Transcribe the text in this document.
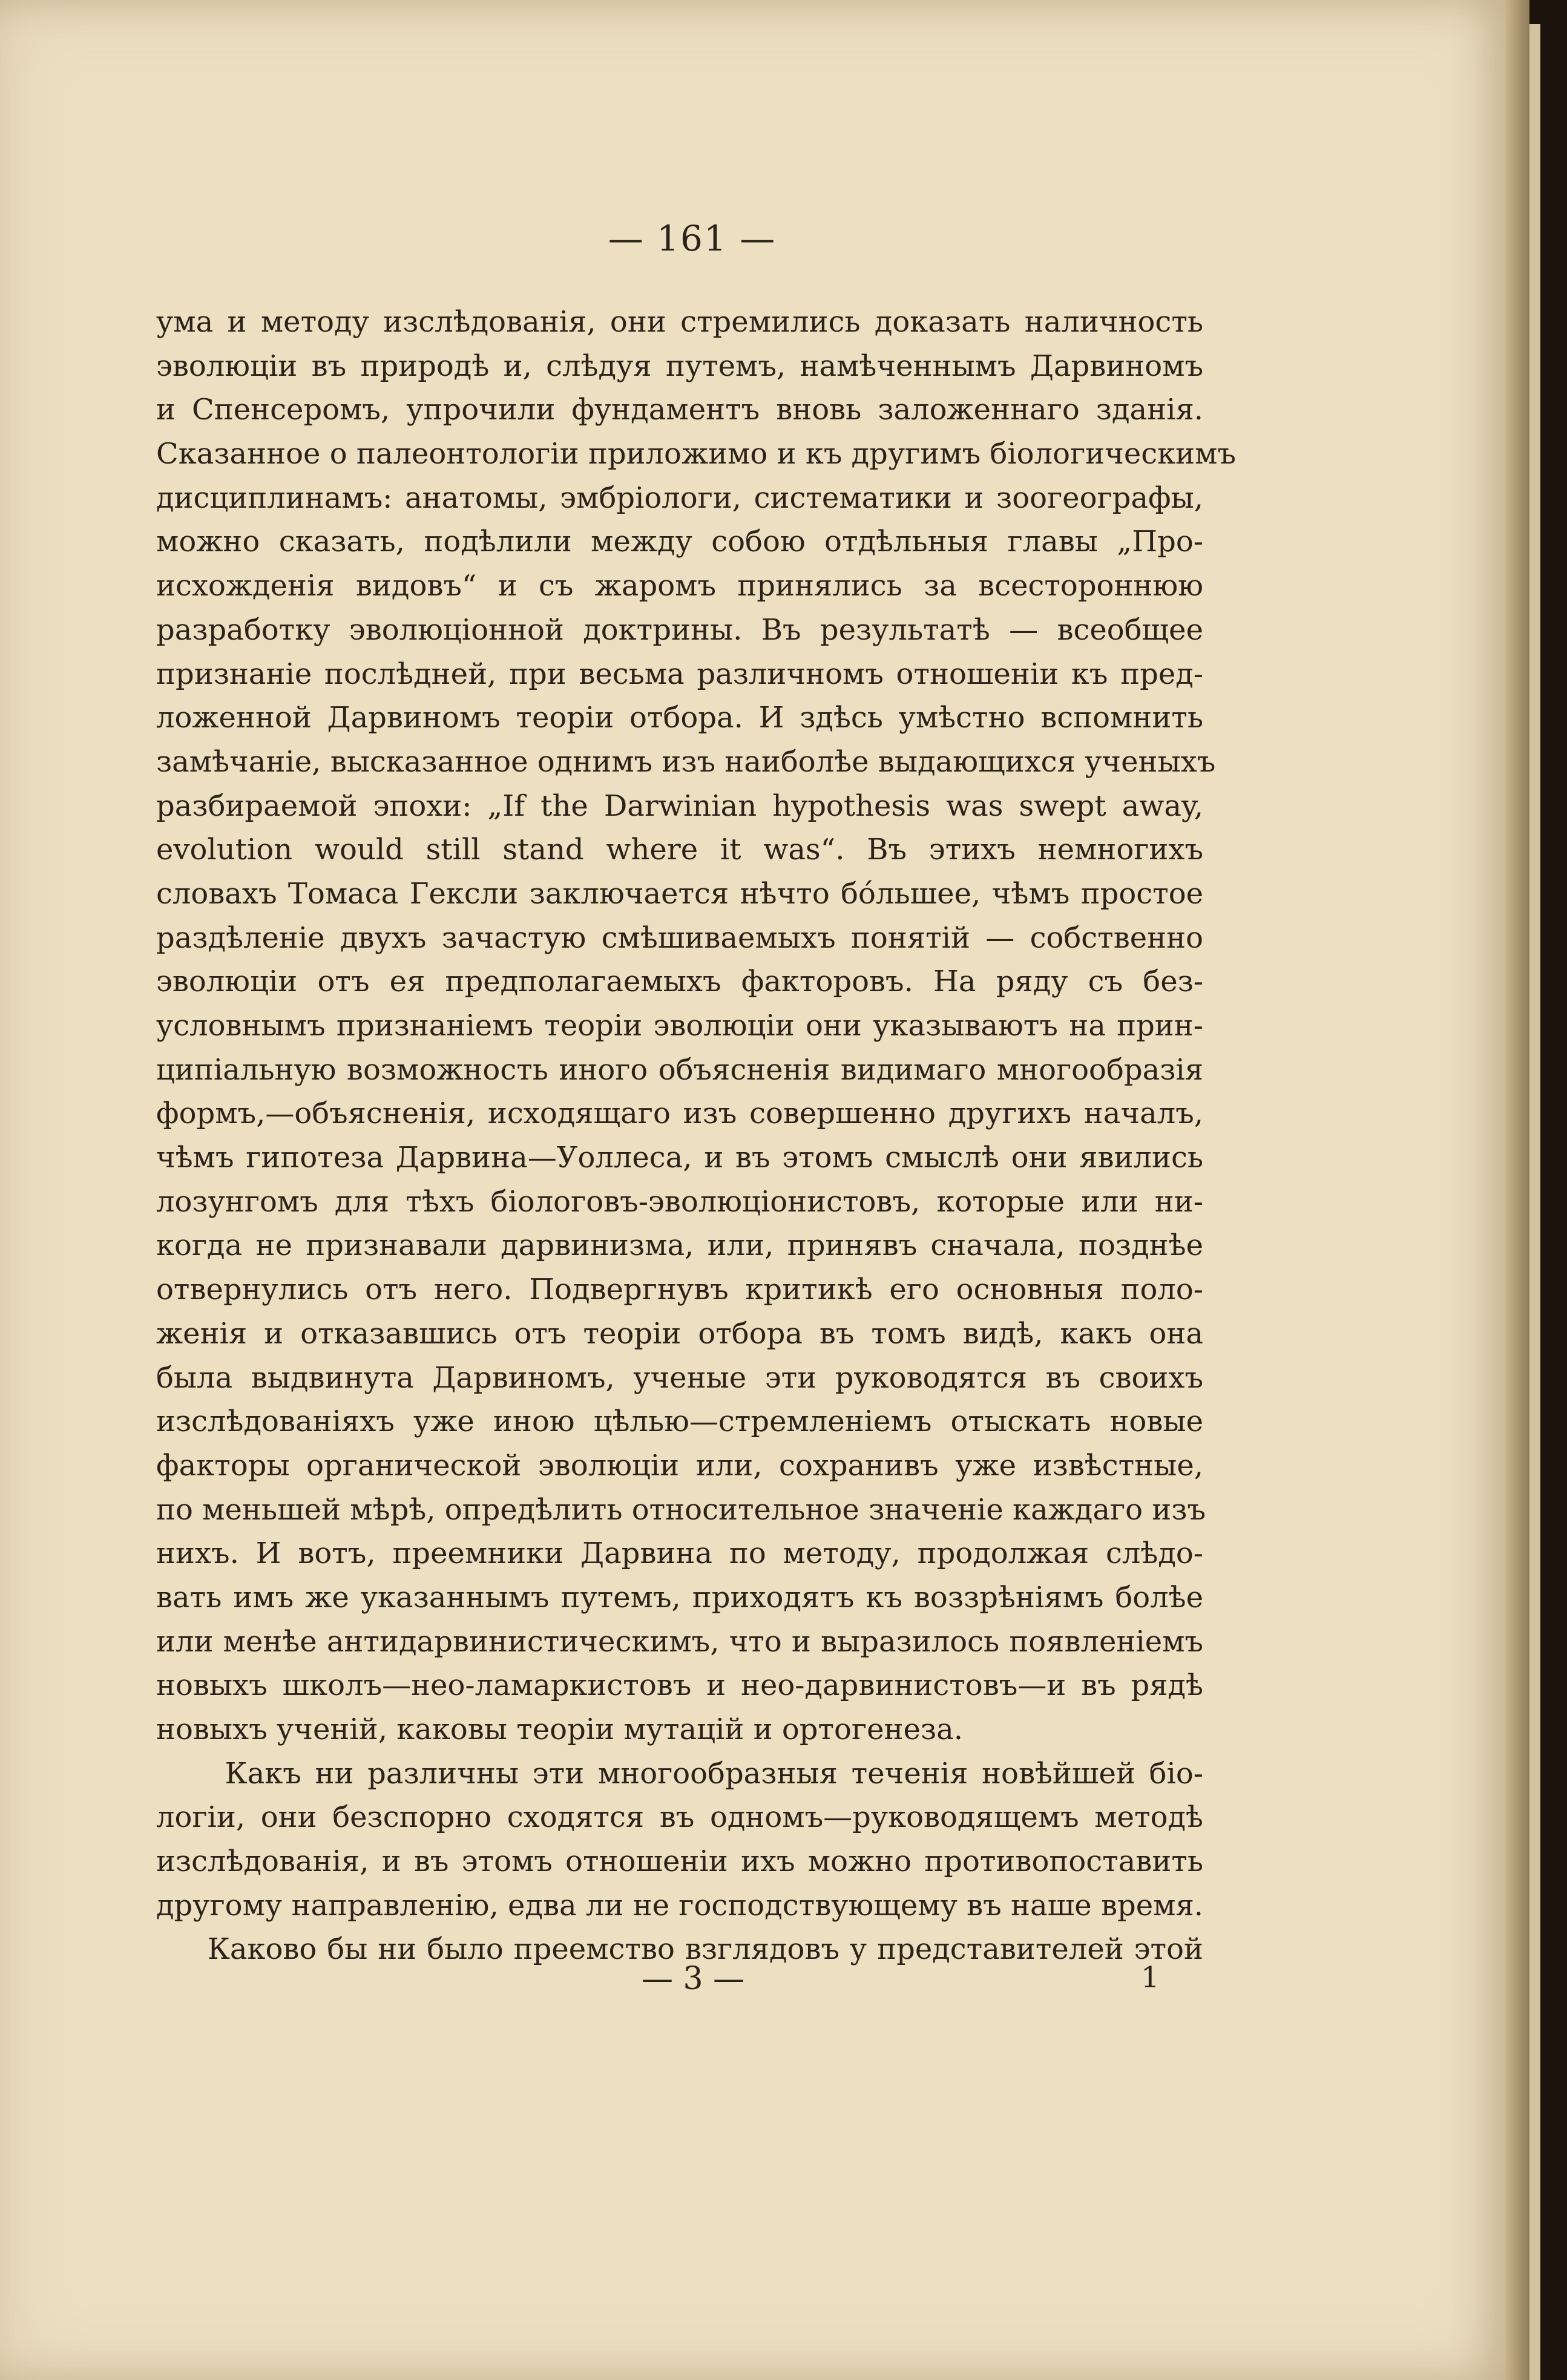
— 161 —
ума и методу изслѣдованія, они стремились доказать наличность
эволюціи въ природѣ и, слѣдуя путемъ, намѣченнымъ Дарвиномъ
и Спенсеромъ, упрочили фундаментъ вновь заложеннаго зданія.
Сказанное о палеонтологіи приложимо и къ другимъ біологическимъ
дисциплинамъ: анатомы, эмбріологи, систематики и зоогеографы,
можно сказать, подѣлили между собою отдѣльныя главы „Про-
исхожденія видовъ“ и съ жаромъ принялись за всестороннюю
разработку эволюціонной доктрины. Въ результатѣ — всеобщее
признаніе послѣдней, при весьма различномъ отношеніи къ пред-
ложенной Дарвиномъ теоріи отбора. И здѣсь умѣстно вспомнить
замѣчаніе, высказанное однимъ изъ наиболѣе выдающихся ученыхъ
разбираемой эпохи: „If the Darwinian hypothesis was swept away,
evolution would still stand where it was“. Въ этихъ немногихъ
словахъ Томаса Гексли заключается нѣчто бо́льшее, чѣмъ простое
раздѣленіе двухъ зачастую смѣшиваемыхъ понятій — собственно
эволюціи отъ ея предполагаемыхъ факторовъ. На ряду съ без-
условнымъ признаніемъ теоріи эволюціи они указываютъ на прин-
ципіальную возможность иного объясненія видимаго многообразія
формъ,—объясненія, исходящаго изъ совершенно другихъ началъ,
чѣмъ гипотеза Дарвина—Уоллеса, и въ этомъ смыслѣ они явились
лозунгомъ для тѣхъ біологовъ-эволюціонистовъ, которые или ни-
когда не признавали дарвинизма, или, принявъ сначала, позднѣе
отвернулись отъ него. Подвергнувъ критикѣ его основныя поло-
женія и отказавшись отъ теоріи отбора въ томъ видѣ, какъ она
была выдвинута Дарвиномъ, ученые эти руководятся въ своихъ
изслѣдованіяхъ уже иною цѣлью—стремленіемъ отыскать новые
факторы органической эволюціи или, сохранивъ уже извѣстные,
по меньшей мѣрѣ, опредѣлить относительное значеніе каждаго изъ
нихъ. И вотъ, преемники Дарвина по методу, продолжая слѣдо-
вать имъ же указаннымъ путемъ, приходятъ къ воззрѣніямъ болѣе
или менѣе антидарвинистическимъ, что и выразилось появленіемъ
новыхъ школъ—нео-ламаркистовъ и нео-дарвинистовъ—и въ рядѣ
новыхъ ученій, каковы теоріи мутацій и ортогенеза.
Какъ ни различны эти многообразныя теченія новѣйшей біо-
логіи, они безспорно сходятся въ одномъ—руководящемъ методѣ
изслѣдованія, и въ этомъ отношеніи ихъ можно противопоставить
другому направленію, едва ли не господствующему въ наше время.
Каково бы ни было преемство взглядовъ у представителей этой
— 3 —	1
